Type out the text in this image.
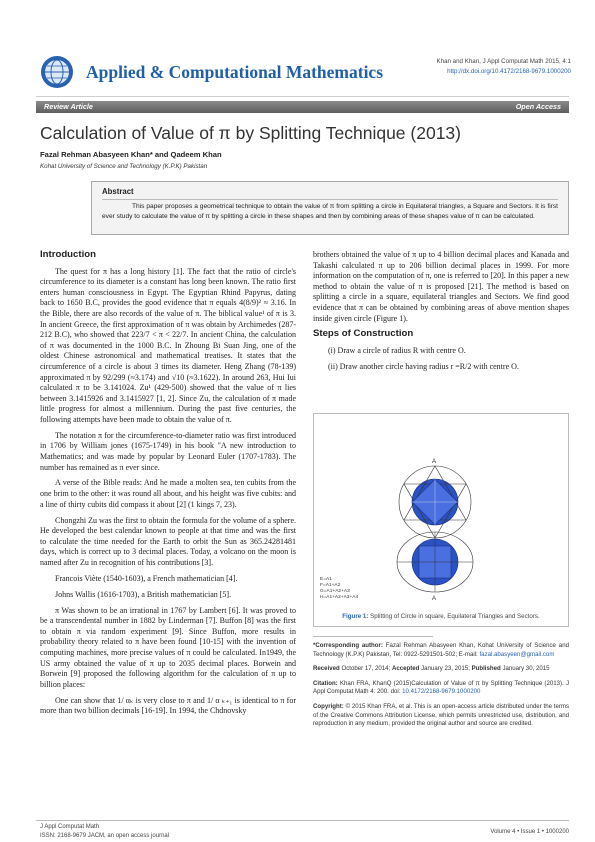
Applied & Computational Mathematics
Khan and Khan, J Appl Computat Math 2015, 4:1
http://dx.doi.org/10.4172/2168-9679.1000200
Review Article	Open Access
Calculation of Value of π by Splitting Technique (2013)
Fazal Rehman Abasyeen Khan* and Qadeem Khan
Kohat University of Science and Technology (K.P.K) Pakistan
Abstract
This paper proposes a geometrical technique to obtain the value of π from splitting a circle in Equilateral triangles, a Square and Sectors. It is first ever study to calculate the value of π by splitting a circle in these shapes and then by combining areas of these shapes value of π can be calculated.
Introduction

The quest for π has a long history [1]. The fact that the ratio of circle's circumference to its diameter is a constant has long been known. The ratio first enters human consciousness in Egypt. The Egyptian Rhind Papyrus, dating back to 1650 B.C, provides the good evidence that π equals 4(8/9)² ≈ 3.16. In the Bible, there are also records of the value of π. The biblical value¹ of π is 3. In ancient Greece, the first approximation of π was obtain by Archimedes (287-212 B.C), who showed that 223/7 < π < 22/7. In ancient China, the calculation of π was documented in the 1000 B.C. In Zhoung Bi Suan Jing, one of the oldest Chinese astronomical and mathematical treatises. It states that the circumference of a circle is about 3 times its diameter. Heng Zhang (78-139) approximated π by 92/299 (≈3.174) and √10 (≈3.1622). In around 263, Hui Iui calculated π to be 3.141024. Zu¹ (429-500) showed that the value of π lies between 3.1415926 and 3.1415927 [1, 2]. Since Zu, the calculation of π made little progress for almost a millennium. During the past five centuries, the following attempts have been made to obtain the value of π.

The notation π for the circumference-to-diameter ratio was first introduced in 1706 by William jones (1675-1749) in his book "A new introduction to Mathematics; and was made by popular by Leonard Euler (1707-1783). The number has remained as π ever since.

A verse of the Bible reads: And he made a molten sea, ten cubits from the one brim to the other: it was round all about, and his height was five cubits: and a line of thirty cubits did compass it about [2] (1 kings 7, 23).

Chongzhi Zu was the first to obtain the formula for the volume of a sphere. He developed the best calendar known to people at that time and was the first to calculate the time needed for the Earth to orbit the Sun as 365.24281481 days, which is correct up to 3 decimal places. Today, a volcano on the moon is named after Zu in recognition of his contributions [3].

Francois Viète (1540-1603), a French mathematician [4].

Johns Wallis (1616-1703), a British mathematician [5].

π Was shown to be an irrational in 1767 by Lambert [6]. It was proved to be a transcendental number in 1882 by Linderman [7]. Buffon [8] was the first to obtain π via random experiment [9]. Since Buffon, more results in probability theory related to π have been found [10-15] with the invention of computing machines, more precise values of π could be calculated. In1949, the US army obtained the value of π up to 2035 decimal places. Borwein and Borwein [9] proposed the following algorithm for the calculation of π up to billion places:

One can show that 1/ αₖ is very close to π and 1/ α ₖ₊₁ is identical to π for more than two billion decimals [16-19]. In 1994, the Chdnovsky

brothers obtained the value of π up to 4 billion decimal places and Kanada and Takashi calculated π up to 206 billion decimal places in 1999. For more information on the computation of π, one is referred to [20]. In this paper a new method to obtain the value of π is proposed [21]. The method is based on splitting a circle in a square, equilateral triangles and Sectors. We find good evidence that π can be obtained by combining areas of above mention shapes inside given circle (Figure 1).

Steps of Construction

(i) Draw a circle of radius R with centre O.

(ii) Draw another circle having radius r =R/2 with centre O.

A
A
E=A1
F=A1+A2
G=A1+A2+A3
H=A1+A2+A3+A4
Figure 1: Splitting of Circle in square, Equilateral Triangles and Sectors.

*Corresponding author: Fazal Rehman Abasyeen Khan, Kohat University of Science and Technology (K.P.K) Pakistan, Tel: 0922-5291501-502; E-mail: fazal.abasyeen@gmail.com

Received October 17, 2014; Accepted January 23, 2015; Published January 30, 2015

Citation: Khan FRA, KhanQ (2015)Calculation of Value of π by Splitting Technique (2013). J Appl Computat Math 4: 200. doi: 10.4172/2168-9679.1000200

Copyright: © 2015 Khan FRA, et al. This is an open-access article distributed under the terms of the Creative Commons Attribution License, which permits unrestricted use, distribution, and reproduction in any medium, provided the original author and source are credited.

J Appl Computat Math
ISSN: 2168-9679 JACM, an open access journal
Volume 4 • Issue 1 • 1000200
